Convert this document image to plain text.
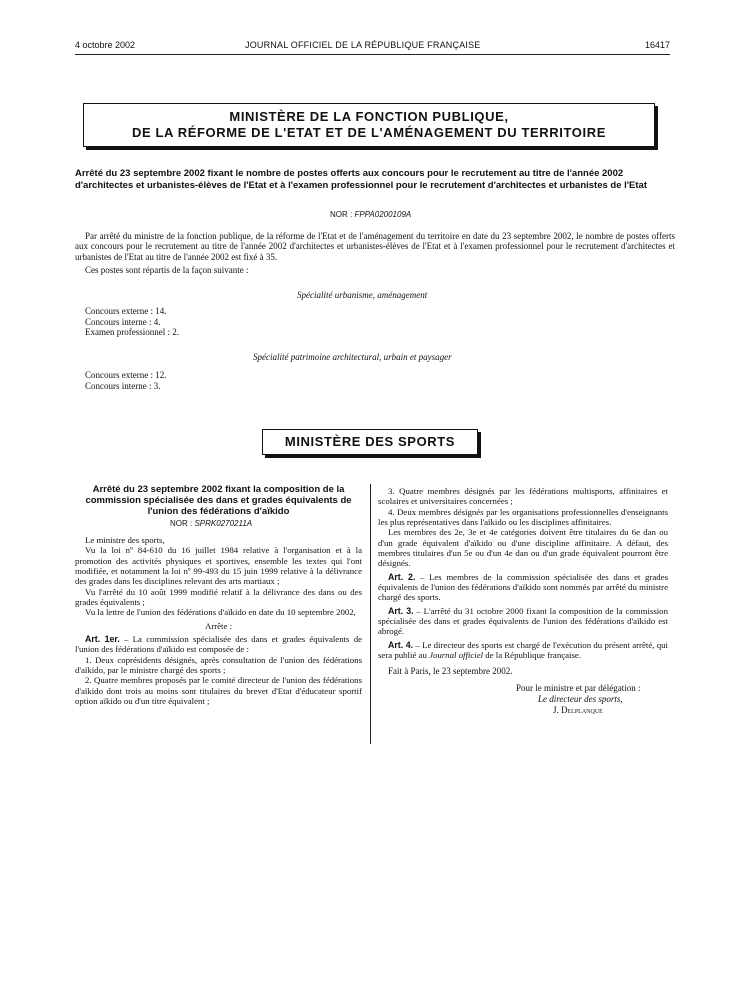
4 octobre 2002	JOURNAL OFFICIEL DE LA RÉPUBLIQUE FRANÇAISE	16417
MINISTÈRE DE LA FONCTION PUBLIQUE,
DE LA RÉFORME DE L'ETAT ET DE L'AMÉNAGEMENT DU TERRITOIRE
Arrêté du 23 septembre 2002 fixant le nombre de postes offerts aux concours pour le recrutement au titre de l'année 2002 d'architectes et urbanistes-élèves de l'Etat et à l'examen professionnel pour le recrutement d'architectes et urbanistes de l'Etat
NOR : FPPA0200109A
Par arrêté du ministre de la fonction publique, de la réforme de l'Etat et de l'aménagement du territoire en date du 23 septembre 2002, le nombre de postes offerts aux concours pour le recrutement au titre de l'année 2002 d'architectes et urbanistes-élèves de l'Etat et à l'examen professionnel pour le recrutement d'architectes et urbanistes de l'Etat au titre de l'année 2002 est fixé à 35.
Ces postes sont répartis de la façon suivante :
Spécialité urbanisme, aménagement
Concours externe : 14.
Concours interne : 4.
Examen professionnel : 2.
Spécialité patrimoine architectural, urbain et paysager
Concours externe : 12.
Concours interne : 3.
MINISTÈRE DES SPORTS
Arrêté du 23 septembre 2002 fixant la composition de la commission spécialisée des dans et grades équivalents de l'union des fédérations d'aïkido
NOR : SPRK0270211A

Le ministre des sports,

Vu la loi nº 84-610 du 16 juillet 1984 relative à l'organisation et à la promotion des activités physiques et sportives, ensemble les textes qui l'ont modifiée, et notamment la loi nº 99-493 du 15 juin 1999 relative à la délivrance des grades dans les disciplines relevant des arts martiaux ;

Vu l'arrêté du 10 août 1999 modifié relatif à la délivrance des dans ou des grades équivalents ;

Vu la lettre de l'union des fédérations d'aïkido en date du 10 septembre 2002,

Arrête :

Art. 1er. – La commission spécialisée des dans et grades équivalents de l'union des fédérations d'aïkido est composée de :

1. Deux coprésidents désignés, après consultation de l'union des fédérations d'aïkido, par le ministre chargé des sports ;

2. Quatre membres proposés par le comité directeur de l'union des fédérations d'aïkido dont trois au moins sont titulaires du brevet d'Etat d'éducateur sportif option aïkido ou d'un titre équivalent ;

3. Quatre membres désignés par les fédérations multisports, affinitaires et scolaires et universitaires concernées ;

4. Deux membres désignés par les organisations professionnelles d'enseignants les plus représentatives dans l'aïkido ou les disciplines affinitaires.

Les membres des 2e, 3e et 4e catégories doivent être titulaires du 6e dan ou d'un grade équivalent d'aïkido ou d'une discipline affinitaire. A défaut, des membres titulaires d'un 5e ou d'un 4e dan ou d'un grade équivalent pourront être désignés.

Art. 2. – Les membres de la commission spécialisée des dans et grades équivalents de l'union des fédérations d'aïkido sont nommés par arrêté du ministre chargé des sports.

Art. 3. – L'arrêté du 31 octobre 2000 fixant la composition de la commission spécialisée des dans et grades équivalents de l'union des fédérations d'aïkido est abrogé.

Art. 4. – Le directeur des sports est chargé de l'exécution du présent arrêté, qui sera publié au Journal officiel de la République française.

Fait à Paris, le 23 septembre 2002.
Pour le ministre et par délégation :
Le directeur des sports,
J. Delplanque
